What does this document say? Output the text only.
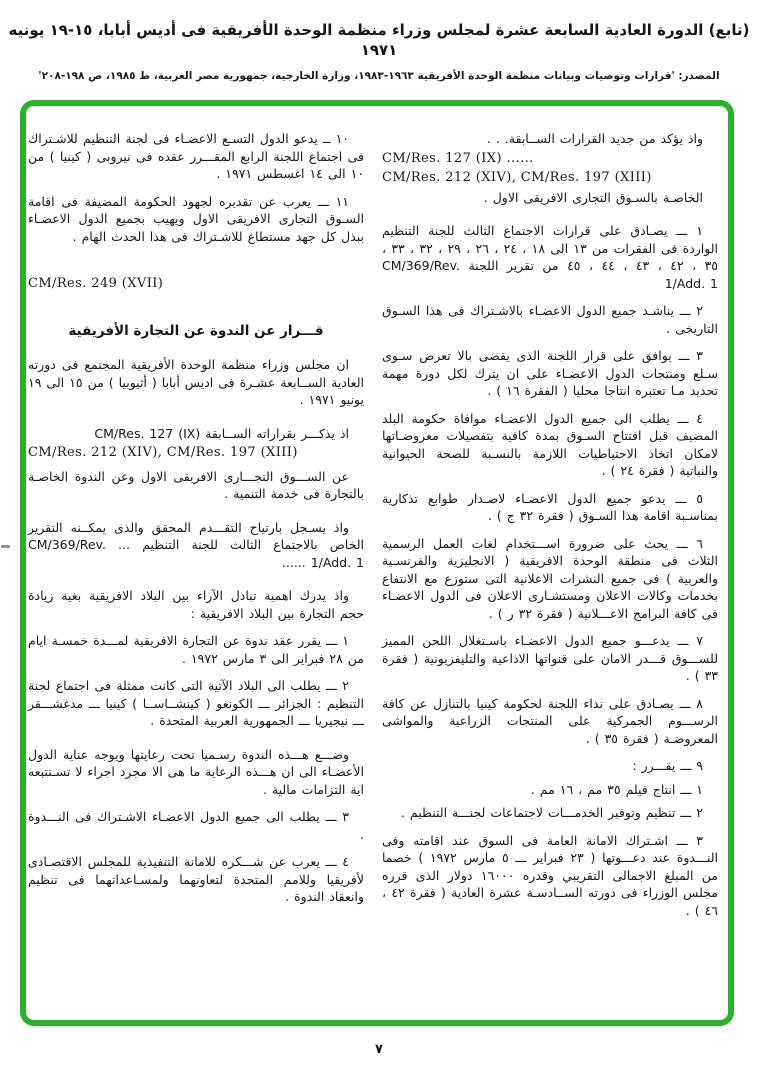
(تابع) الدورة العادية السابعة عشرة لمجلس وزراء منظمة الوحدة الأفريقية فى أديس أبابا، ١٥-١٩ يونيه ١٩٧١
المصدر: 'قرارات وتوصيات وبيانات منظمة الوحدة الأفريقية ١٩٦٣-١٩٨٣، وزارة الخارجية، جمهورية مصر العربية، ط ١٩٨٥، ص ١٩٨-٢٠٨'
واذ يؤكد من جديد القرارات الســابقة. . .
CM/Res. 127 (IX) ......
CM/Res. 212 (XIV), CM/Res. 197 (XIII)
الخاصـة بالسـوق التجارى الافريقى الاول .
١ ـــ يصـادق على قرارات الاجتماع الثالث للجنة التنظيم الواردة فى الفقرات من ١٣ الى ١٨ ، ٢٤ ، ٢٦ ، ٢٩ ، ٣٢ ، ٣٣ ، ٣٥ ، ٤٢ ، ٤٣ ، ٤٤ ، ٤٥ من تقرير اللجنة CM/369/Rev. 1/Add. 1
٢ ـــ يناشـد جميع الدول الاعضـاء بالاشـتراك فى هذا السـوق التاريخى .
٣ ـــ يوافق على قرار اللجنة الذى يقضى بالا تعرض سـوى سـلع ومنتجات الدول الاعضـاء على ان يترك لكل دورة مهمة تحديد مـا تعتبره انتاجا محليا ( الفقرة ١٦ ) .
٤ ـــ يطلب الى جميع الدول الاعضـاء موافاة حكومة البلد المضيف قبل افتتاح السـوق بمدة كافية بتفصيلات معروضـاتها لامكان اتخاذ الاحتياطيات اللازمة بالنسـبة للصحة الحيوانية والنباتية ( فقرة ٢٤ ) .
٥ ـــ يدعو جميع الدول الاعضـاء لاصـدار طوابع تذكارية بمناسـبة اقامة هذا السـوق ( فقرة ٣٢ ج ) .
٦ ـــ يحث على ضرورة اســـتخدام لغات العمل الرسمية الثلاث فى منطقة الوحدة الافريقية ( الانجليزية والفرنسـية والعربية ) فى جميع النشرات الاعلانية التى ستوزع مع الانتفاع بخدمات وكالات الاعلان ومستشـارى الاعلان فى الدول الاعضـاء فى كافة البرامج الاعـــلانية ( فقرة ٣٢ ر ) .
٧ ـــ يدعـــو جميع الدول الاعضـاء باسـتغلال اللحن المميز للســـوق قـــدر الامان على قنواتها الاذاعية والتليفزيونية ( فقرة ٣٣ ) .
٨ ـــ يصـادق على نداء اللجنة لحكومة كينيا بالتنازل عن كافة الرســـوم الجمركية على المنتجات الزراعية والمواشى المعروضـة ( فقرة ٣٥ ) .
٩ ـــ يقـــرر :
١ ـــ انتاج فيلم ٣٥ مم ، ١٦ مم .
٢ ـــ تنظيم وتوفير الخدمـــات لاجتماعات لجنـــة التنظيم .
٣ ـــ اشـتراك الامانة العامة فى السوق عند اقامته وفى النـــدوة عند دعـــوتها ( ٢٣ فبراير ـــ ٥ مارس ١٩٧٢ ) خصما من المبلغ الاجمالى التقريبي وقدره ١٦٠٠٠ دولار الذى قرره مجلس الوزراء فى دورته الســادسـة عشرة العادية ( فقرة ٤٢ ، ٤٦ ) .
١٠ ــ يدعو الدول التسـع الاعضـاء فى لجنة التنظيم للاشـتراك فى اجتماع اللجنة الرابع المقـــرر عقده فى نيروبى ( كينيا ) من ١٠ الى ١٤ اغسطس ١٩٧١ .
١١ ـــ يعرب عن تقديره لجهود الحكومة المضيفة فى اقامة السـوق التجارى الافريقى الاول ويهيب بجميع الدول الاعضـاء ببذل كل جهد مستطاع للاشـتراك فى هذا الحدث الهام .
CM/Res. 249 (XVII)
قـــرار عن الندوة عن التجارة الأفريقية
ان مجلس وزراء منظمة الوحدة الأفريقية المجتمع فى دورته العادية الســابعة عشـرة فى اديس أبابا ( أثيوبيا ) من ١٥ الى ١٩ يونيو ١٩٧١ .
اذ يذكـــر بقراراته الســابقة CM/Res. 127 (IX)
CM/Res. 212 (XIV), CM/Res. 197 (XIII)
عن الســـوق التجـــارى الافريقى الاول وعن الندوة الخاصـة بالتجارة فى خدمة التنمية .
واذ يسـجل بارتياح التقـــدم المحقق والذى يمكــنه التقرير الخاص بالاجتماع الثالث للجنة التنظيم ... CM/369/Rev. 1/Add. 1 ......
واذ يدرك اهمية تبادل الآراء بين البلاد الافريقية بغية زيادة حجم التجارة بين البلاد الافريقية :
١ ـــ يقرر عقد ندوة عن التجارة الافريقية لمـــدة خمسـة ايام من ٢٨ فبراير الى ٣ مارس ١٩٧٢ .
٢ ـــ يطلب الى البلاد الآتية التى كانت ممثلة فى اجتماع لجنة التنظيم : الجزائر ـــ الكونغو ( كينشــاســا ) كينيا ـــ مدغشـــقر ـــ نيجيريا ـــ الجمهورية العربية المتحدة .
وضـــع هـــذه الندوة رسـميا تحت رعايتها ويوجه عناية الدول الأعضـاء الى ان هـــذه الرعاية ما هى الا مجرد اجراء لا تسـتتبعه اية التزامات مالية .
٣ ـــ يطلب الى جميع الدول الاعضـاء الاشـتراك فى النـــدوة .
٤ ـــ يعرب عن شـــكره للامانة التنفيذية للمجلس الاقتصـادى لأفريقيا وللامم المتحدة لتعاونهما ولمسـاعداتهما فى تنظيم وانعقاد الندوة .
٧
